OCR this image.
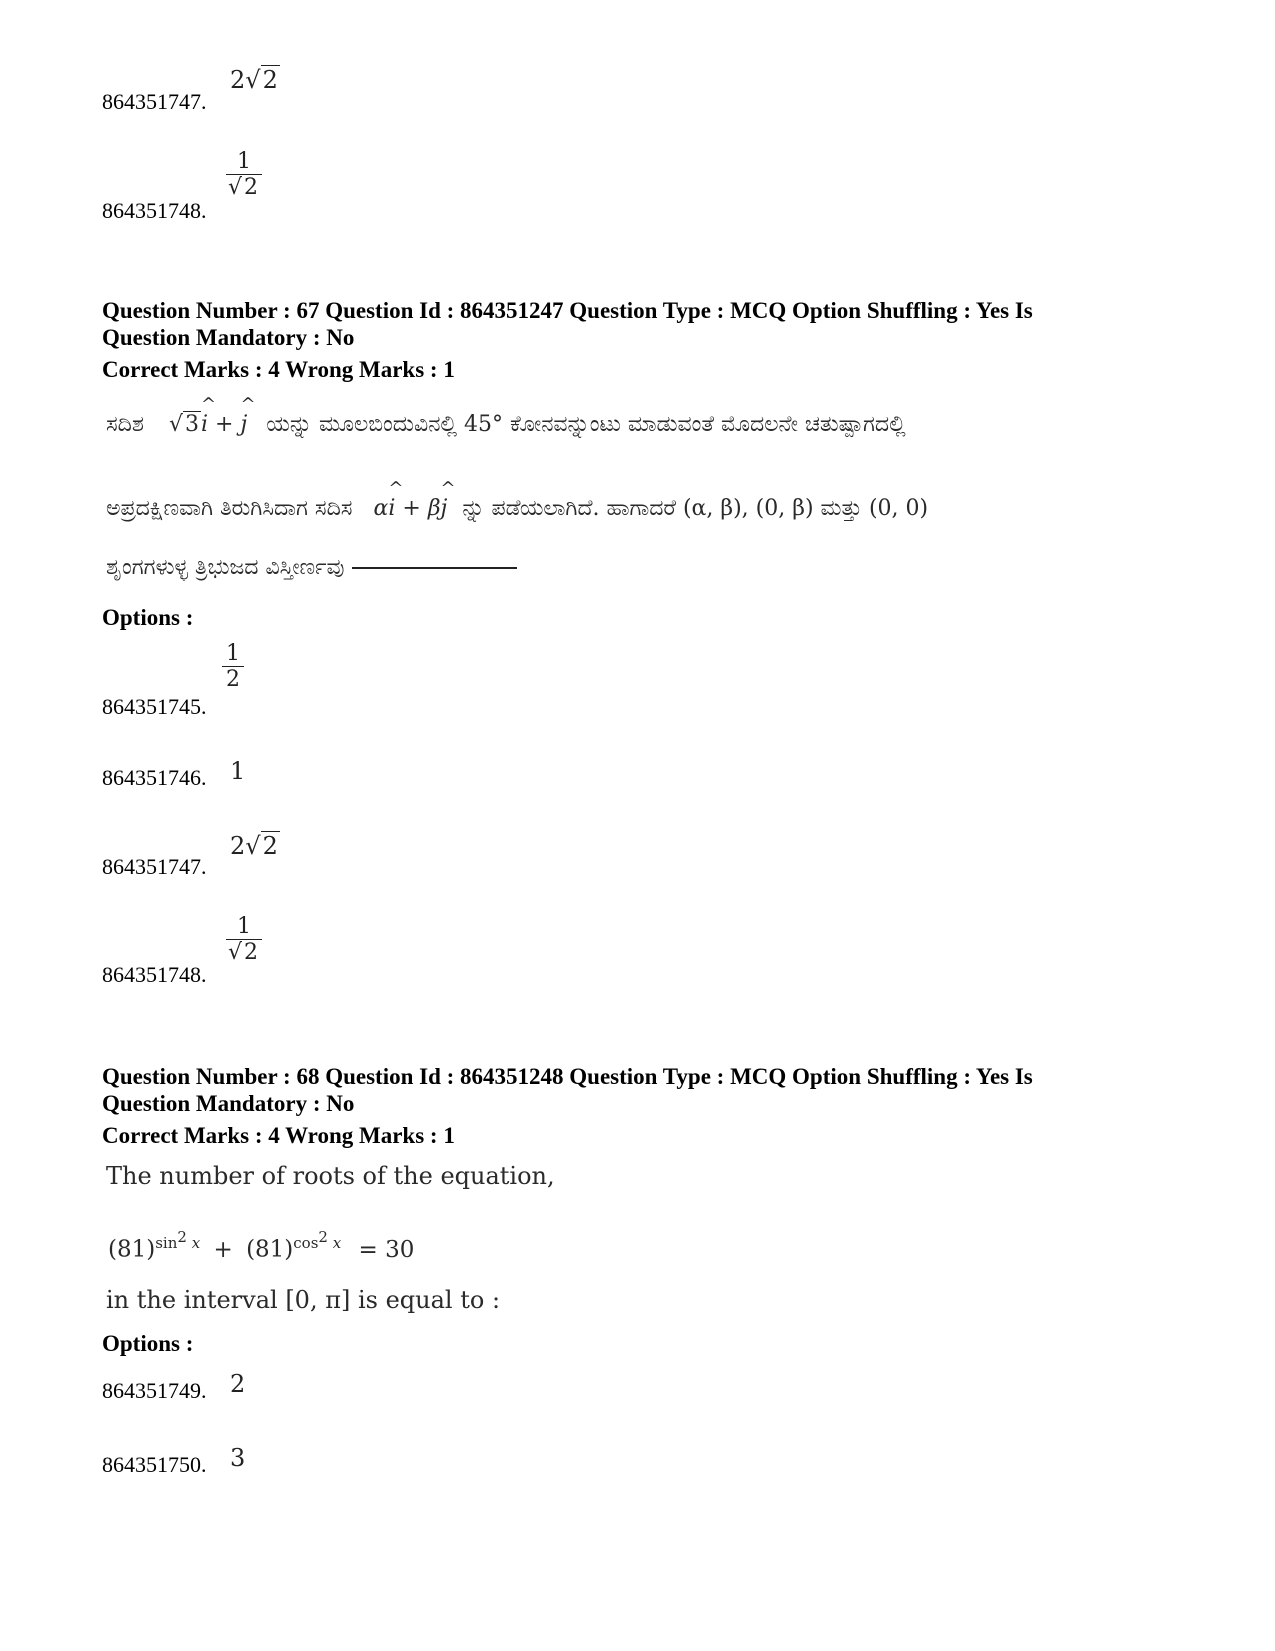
864351747.
2√2
864351748.
$\frac{1}{√2}$
Question Number : 67 Question Id : 864351247 Question Type : MCQ Option Shuffling : Yes Is
Question Mandatory : No
Correct Marks : 4 Wrong Marks : 1
ಸದಿಶ √3^ i + ^ j ಯನ್ನು ಮೂಲಬಿಂದುವಿನಲ್ಲಿ 45° ಕೋನವನ್ನುಂಟು ಮಾಡುವಂತೆ ಮೊದಲನೇ ಚತುಷ್ಪಾಗದಲ್ಲಿ
ಅಪ್ರದಕ್ಷಿಣವಾಗಿ ತಿರುಗಿಸಿದಾಗ ಸದಿಸ α^ i + β^ j ನ್ನು ಪಡೆಯಲಾಗಿದೆ. ಹಾಗಾದರೆ (α, β), (0, β) ಮತ್ತು (0, 0)
ಶೃಂಗಗಳುಳ್ಳ ತ್ರಿಭುಜದ ವಿಸ್ತೀರ್ಣವು
Options :
864351745.
$\frac{1}{2}$
864351746. 1
864351747.
2√2
864351748.
$\frac{1}{√2}$
Question Number : 68 Question Id : 864351248 Question Type : MCQ Option Shuffling : Yes Is
Question Mandatory : No
Correct Marks : 4 Wrong Marks : 1
The number of roots of the equation,
$(81)^{sin^2 x} + (81)^{cos^2 x} = 30$
in the interval [0, π] is equal to :
Options :
864351749. 2
864351750. 3
